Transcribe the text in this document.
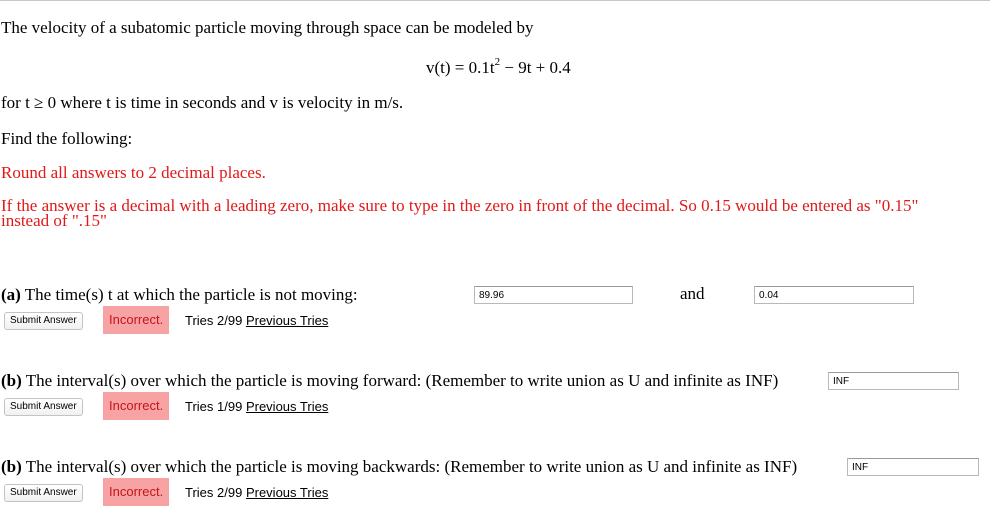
The velocity of a subatomic particle moving through space can be modeled by
$v(t) = 0.1t^2 - 9t + 0.4$
for t ≥ 0 where t is time in seconds and v is velocity in m/s.
Find the following:
Round all answers to 2 decimal places.
If the answer is a decimal with a leading zero, make sure to type in the zero in front of the decimal. So 0.15 would be entered as "0.15"
instead of ".15"
(a) The time(s) t at which the particle is not moving:
89.96	and
0.04
Submit Answer	Incorrect.	Tries 2/99 Previous Tries
(b) The interval(s) over which the particle is moving forward: (Remember to write union as U and infinite as INF)
INF
Submit Answer	Incorrect.	Tries 1/99 Previous Tries
(b) The interval(s) over which the particle is moving backwards: (Remember to write union as U and infinite as INF)
INF
Submit Answer	Incorrect.	Tries 2/99 Previous Tries
